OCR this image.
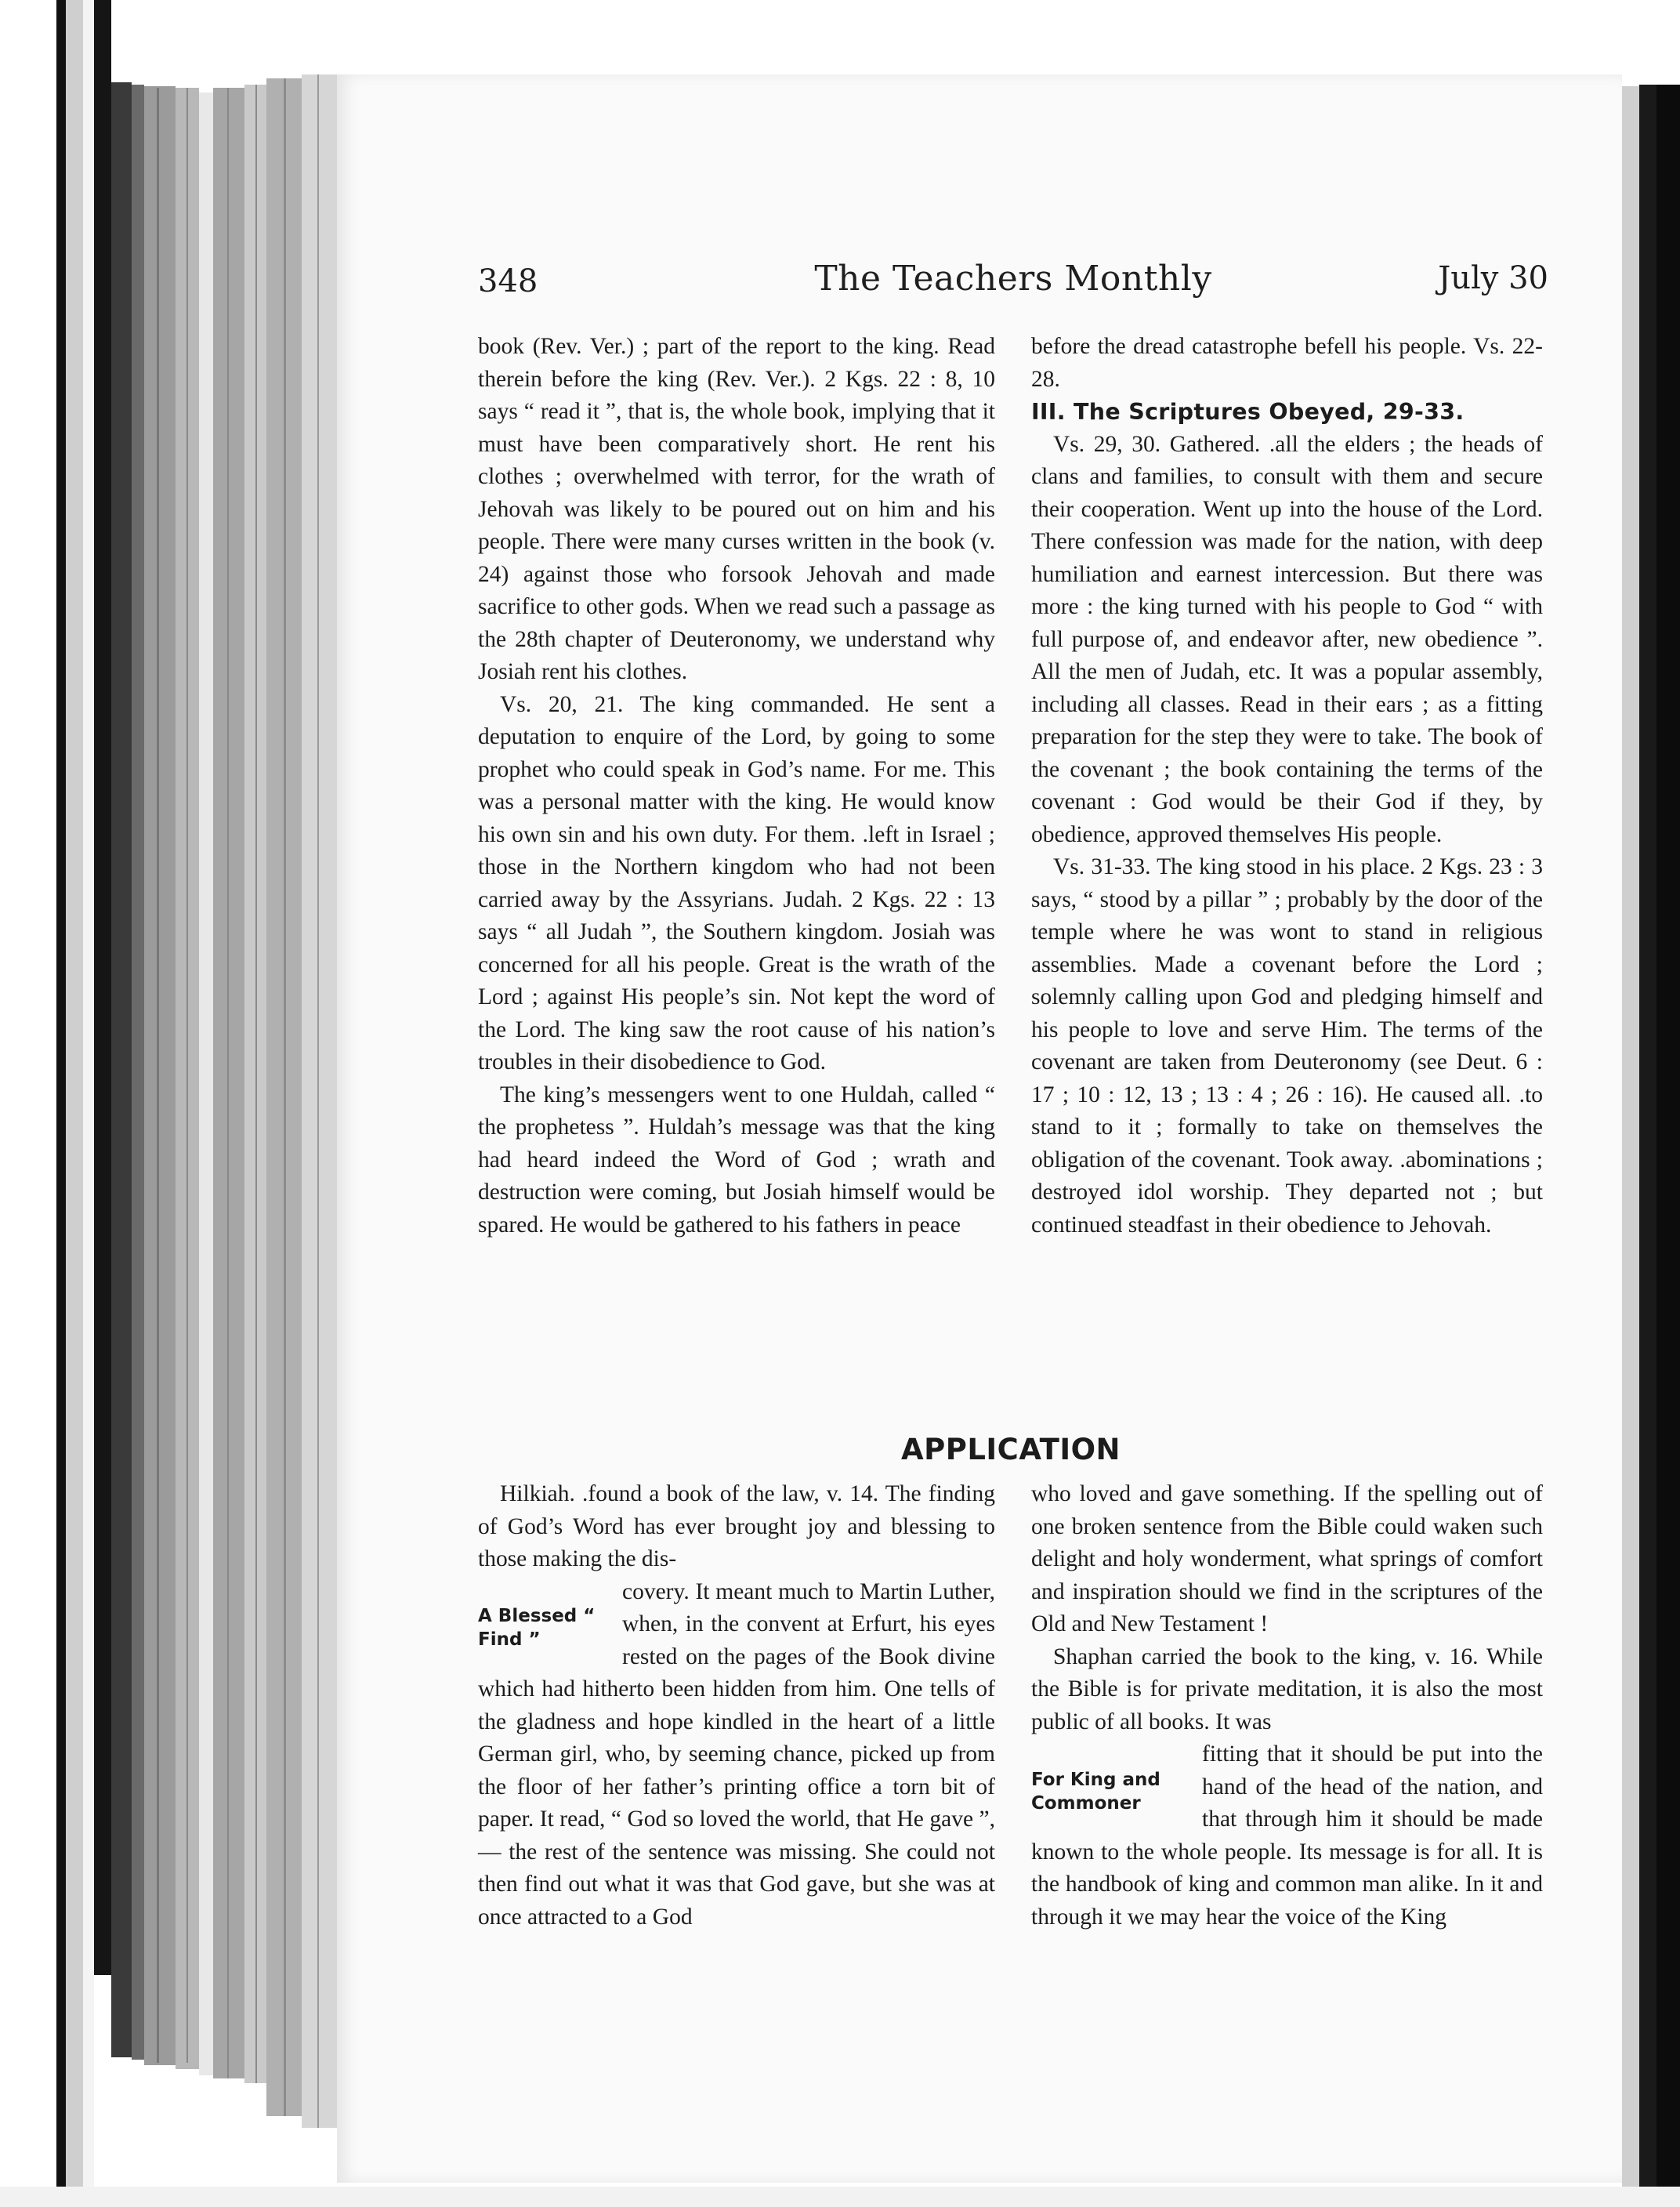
348	The Teachers Monthly	July 30

book (Rev. Ver.) ; part of the report to the king. Read therein before the king (Rev. Ver.). 2 Kgs. 22 : 8, 10 says “ read it ”, that is, the whole book, implying that it must have been comparatively short. He rent his clothes ; overwhelmed with terror, for the wrath of Jehovah was likely to be poured out on him and his people. There were many curses written in the book (v. 24) against those who forsook Jehovah and made sacrifice to other gods. When we read such a passage as the 28th chapter of Deuteronomy, we understand why Josiah rent his clothes.

Vs. 20, 21. The king commanded. He sent a deputation to enquire of the Lord, by going to some prophet who could speak in God’s name. For me. This was a personal matter with the king. He would know his own sin and his own duty. For them. .left in Israel ; those in the Northern kingdom who had not been carried away by the Assyrians. Judah. 2 Kgs. 22 : 13 says “ all Judah ”, the Southern kingdom. Josiah was concerned for all his people. Great is the wrath of the Lord ; against His people’s sin. Not kept the word of the Lord. The king saw the root cause of his nation’s troubles in their disobedience to God.

The king’s messengers went to one Huldah, called “ the prophetess ”. Huldah’s message was that the king had heard indeed the Word of God ; wrath and destruction were coming, but Josiah himself would be spared. He would be gathered to his fathers in peace

before the dread catastrophe befell his people. Vs. 22-28.

III. The Scriptures Obeyed, 29-33.

Vs. 29, 30. Gathered. .all the elders ; the heads of clans and families, to consult with them and secure their cooperation. Went up into the house of the Lord. There confession was made for the nation, with deep humiliation and earnest intercession. But there was more : the king turned with his people to God “ with full purpose of, and endeavor after, new obedience ”. All the men of Judah, etc. It was a popular assembly, including all classes. Read in their ears ; as a fitting preparation for the step they were to take. The book of the covenant ; the book containing the terms of the covenant : God would be their God if they, by obedience, approved themselves His people.

Vs. 31-33. The king stood in his place. 2 Kgs. 23 : 3 says, “ stood by a pillar ” ; probably by the door of the temple where he was wont to stand in religious assemblies. Made a covenant before the Lord ; solemnly calling upon God and pledging himself and his people to love and serve Him. The terms of the covenant are taken from Deuteronomy (see Deut. 6 : 17 ; 10 : 12, 13 ; 13 : 4 ; 26 : 16). He caused all. .to stand to it ; formally to take on themselves the obligation of the covenant. Took away. .abominations ; destroyed idol worship. They departed not ; but continued steadfast in their obedience to Jehovah.

APPLICATION

Hilkiah. .found a book of the law, v. 14. The finding of God’s Word has ever brought joy and blessing to those making the dis-

A Blessed “ Find ”

covery. It meant much to Martin Luther, when, in the convent at Erfurt, his eyes rested on the pages of the Book divine which had hitherto been hidden from him. One tells of the gladness and hope kindled in the heart of a little German girl, who, by seeming chance, picked up from the floor of her father’s printing office a torn bit of paper. It read, “ God so loved the world, that He gave ”,— the rest of the sentence was missing. She could not then find out what it was that God gave, but she was at once attracted to a God

who loved and gave something. If the spelling out of one broken sentence from the Bible could waken such delight and holy wonderment, what springs of comfort and inspiration should we find in the scriptures of the Old and New Testament !

Shaphan carried the book to the king, v. 16. While the Bible is for private meditation, it is also the most public of all books. It was

For King and Commoner

fitting that it should be put into the hand of the head of the nation, and that through him it should be made known to the whole people. Its message is for all. It is the handbook of king and common man alike. In it and through it we may hear the voice of the King
